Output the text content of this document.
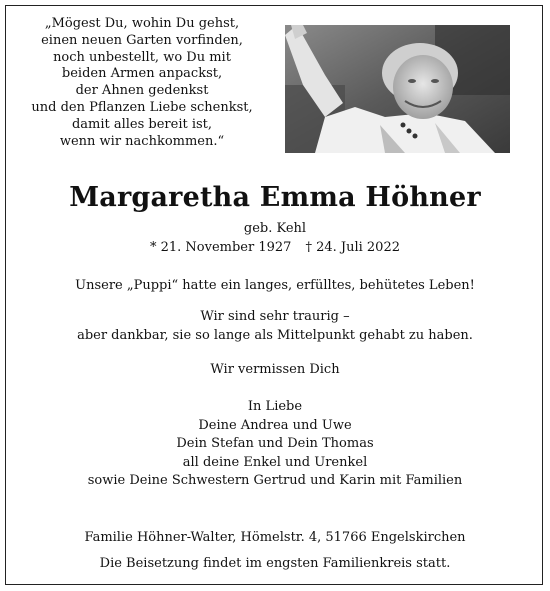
„Mögest Du, wohin Du gehst,
einen neuen Garten vorfinden,
noch unbestellt, wo Du mit
beiden Armen anpackst,
der Ahnen gedenkst
und den Pflanzen Liebe schenkst,
damit alles bereit ist,
wenn wir nachkommen.“
Margaretha Emma Höhner
geb. Kehl
* 21. November 1927 † 24. Juli 2022
Unsere „Puppi“ hatte ein langes, erfülltes, behütetes Leben!
Wir sind sehr traurig –
aber dankbar, sie so lange als Mittelpunkt gehabt zu haben.
Wir vermissen Dich
In Liebe
Deine Andrea und Uwe
Dein Stefan und Dein Thomas
all deine Enkel und Urenkel
sowie Deine Schwestern Gertrud und Karin mit Familien
Familie Höhner-Walter, Hömelstr. 4, 51766 Engelskirchen
Die Beisetzung findet im engsten Familienkreis statt.
